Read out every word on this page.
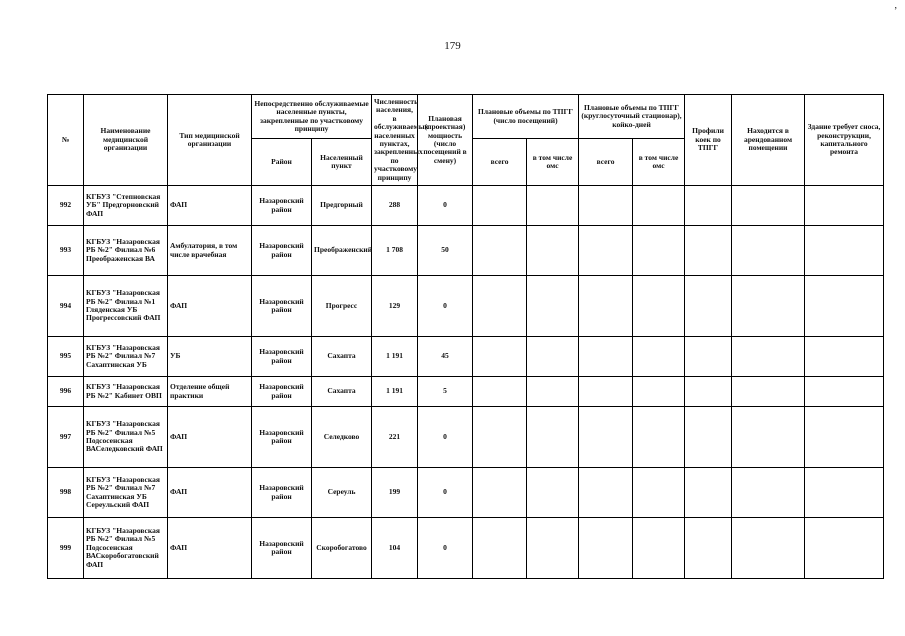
179
,
№	Наименование медицинской организации	Тип медицинской организации	Непосредственно обслуживаемые населенные пункты, закрепленные по участковому принципу		Численность населения, в обслуживаемых населенных пунктах, закрепленных по участковому принципу	Плановая (проектная) мощность (число посещений в смену)	Плановые объемы по ТПГГ (число посещений)		Плановые объемы по ТПГГ (круглосуточный стационар), койко-дней		Профили коек по ТПГГ	Находится в арендованном помещении	Здание требует сноса, реконструкции, капитального ремонта
			Район	Населенный пункт			всего	в том числе омс	всего	в том числе омс			
992	КГБУЗ "Степновская УБ" Предгорновский ФАП	ФАП	Назаровский район	Предгорный	288	0							
993	КГБУЗ "Назаровская РБ №2" Филиал №6 Преображенская ВА	Амбулатория, в том числе врачебная	Назаровский район	Преображенский	1 708	50							
994	КГБУЗ "Назаровская РБ №2" Филиал №1 Гляденская УБ Прогрессовский ФАП	ФАП	Назаровский район	Прогресс	129	0							
995	КГБУЗ "Назаровская РБ №2" Филиал №7 Сахаптинская УБ	УБ	Назаровский район	Сахапта	1 191	45							
996	КГБУЗ "Назаровская РБ №2" Кабинет ОВП	Отделение общей практики	Назаровский район	Сахапта	1 191	5							
997	КГБУЗ "Назаровская РБ №2" Филиал №5 Подсосенская ВАСеледковский ФАП	ФАП	Назаровский район	Селедково	221	0							
998	КГБУЗ "Назаровская РБ №2" Филиал №7 Сахаптинская УБ Сереульский ФАП	ФАП	Назаровский район	Сереуль	199	0							
999	КГБУЗ "Назаровская РБ №2" Филиал №5 Подсосенская ВАСкоробогатовский ФАП	ФАП	Назаровский район	Скоробогатово	104	0							
